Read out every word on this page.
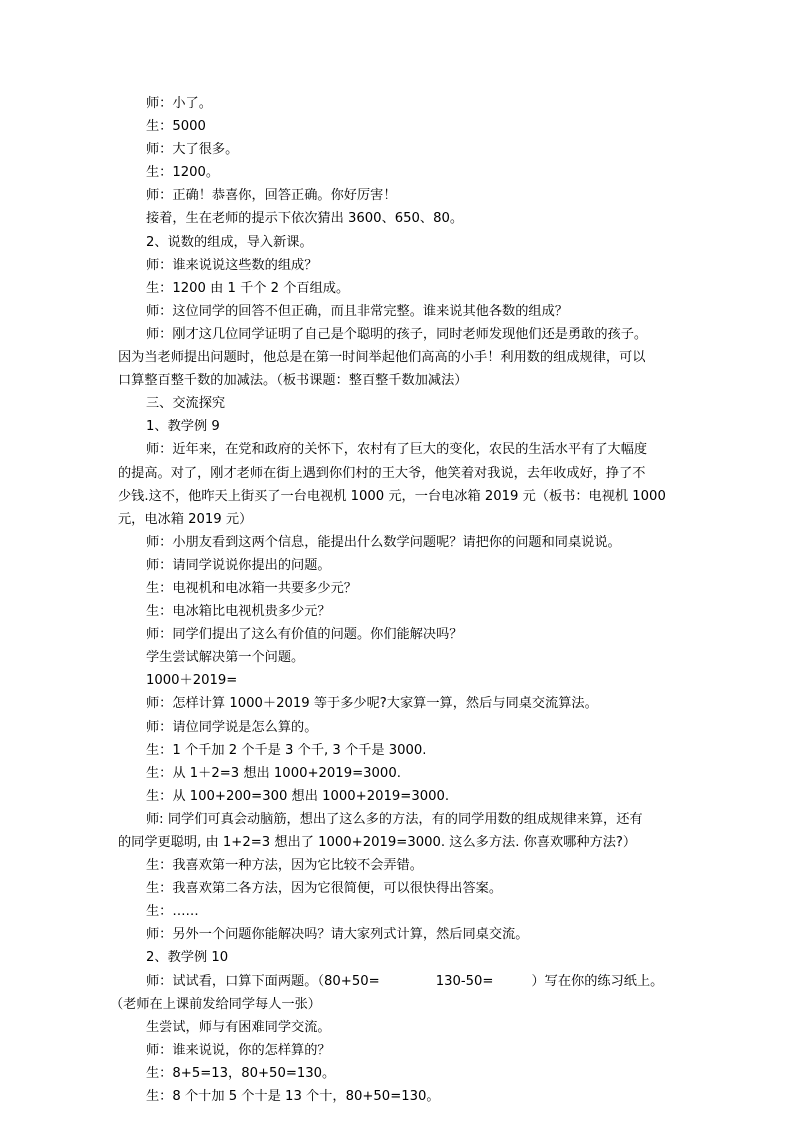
师：小了。
生：5000
师：大了很多。
生：1200。
师：正确！恭喜你，回答正确。你好厉害！
接着，生在老师的提示下依次猜出 3600、650、80。
2、说数的组成，导入新课。
师：谁来说说这些数的组成？
生：1200 由 1 千个 2 个百组成。
师：这位同学的回答不但正确，而且非常完整。谁来说其他各数的组成？
师：刚才这几位同学证明了自己是个聪明的孩子，同时老师发现他们还是勇敢的孩子。
因为当老师提出问题时，他总是在第一时间举起他们高高的小手！利用数的组成规律，可以
口算整百整千数的加减法。（板书课题：整百整千数加减法）
三、交流探究
1、教学例 9
师：近年来，在党和政府的关怀下，农村有了巨大的变化，农民的生活水平有了大幅度
的提高。对了，刚才老师在街上遇到你们村的王大爷，他笑着对我说，去年收成好，挣了不
少钱.这不，他昨天上街买了一台电视机 1000 元，一台电冰箱 2019 元（板书：电视机 1000
元，电冰箱 2019 元）
师：小朋友看到这两个信息，能提出什么数学问题呢？请把你的问题和同桌说说。
师：请同学说说你提出的问题。
生：电视机和电冰箱一共要多少元？
生：电冰箱比电视机贵多少元？
师：同学们提出了这么有价值的问题。你们能解决吗？
学生尝试解决第一个问题。
1000＋2019=
师：怎样计算 1000＋2019 等于多少呢?大家算一算，然后与同桌交流算法。
师：请位同学说是怎么算的。
生：1 个千加 2 个千是 3 个千, 3 个千是 3000.
生：从 1＋2=3 想出 1000+2019=3000.
生：从 100+200=300 想出 1000+2019=3000.
师: 同学们可真会动脑筋，想出了这么多的方法，有的同学用数的组成规律来算，还有
的同学更聪明, 由 1+2=3 想出了 1000+2019=3000. 这么多方法. 你喜欢哪种方法?）
生：我喜欢第一种方法，因为它比较不会弄错。
生：我喜欢第二各方法，因为它很简便，可以很快得出答案。
生：……
师：另外一个问题你能解决吗？请大家列式计算，然后同桌交流。
2、教学例 10
师：试试看，口算下面两题。（80+50=	130-50=	）写在你的练习纸上。
（老师在上课前发给同学每人一张）
生尝试，师与有困难同学交流。
师：谁来说说，你的怎样算的？
生：8+5=13，80+50=130。
生：8 个十加 5 个十是 13 个十，80+50=130。
